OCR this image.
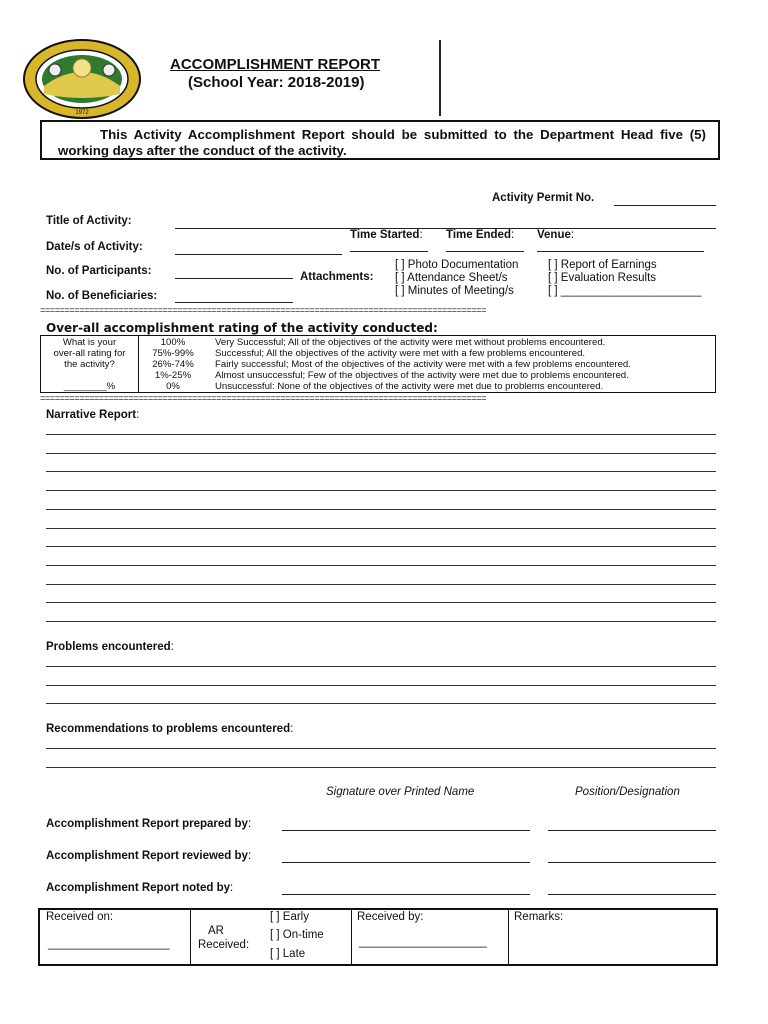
1972
ACCOMPLISHMENT REPORT
(School Year: 2018-2019)
This Activity Accomplishment Report should be submitted to the Department Head five (5) working days after the conduct of the activity.
Activity Permit No.
Title of Activity:
Time Started: Time Ended: Venue:
Date/s of Activity:
No. of Participants:	Attachments:
[ ] Photo Documentation
[ ] Attendance Sheet/s
[ ] Minutes of Meeting/s
[ ] Report of Earnings
[ ] Evaluation Results
[ ] ______________________
No. of Beneficiaries:
===========================================================================================
Over-all accomplishment rating of the activity conducted:
What is your
over-all rating for
the activity?
________%
100%
75%-99%
26%-74%
1%-25%
0%
Very Successful; All of the objectives of the activity were met without problems encountered.
Successful; All the objectives of the activity were met with a few problems encountered.
Fairly successful; Most of the objectives of the activity were met with a few problems encountered.
Almost unsuccessful; Few of the objectives of the activity were met due to problems encountered.
Unsuccessful: None of the objectives of the activity were met due to problems encountered.
===========================================================================================
Narrative Report:
Problems encountered:
Recommendations to problems encountered:
Signature over Printed Name	Position/Designation
Accomplishment Report prepared by:
Accomplishment Report reviewed by:
Accomplishment Report noted by:
Received on:
___________________
AR
Received:
[ ] Early
[ ] On-time
[ ] Late
Received by:
____________________
Remarks:
